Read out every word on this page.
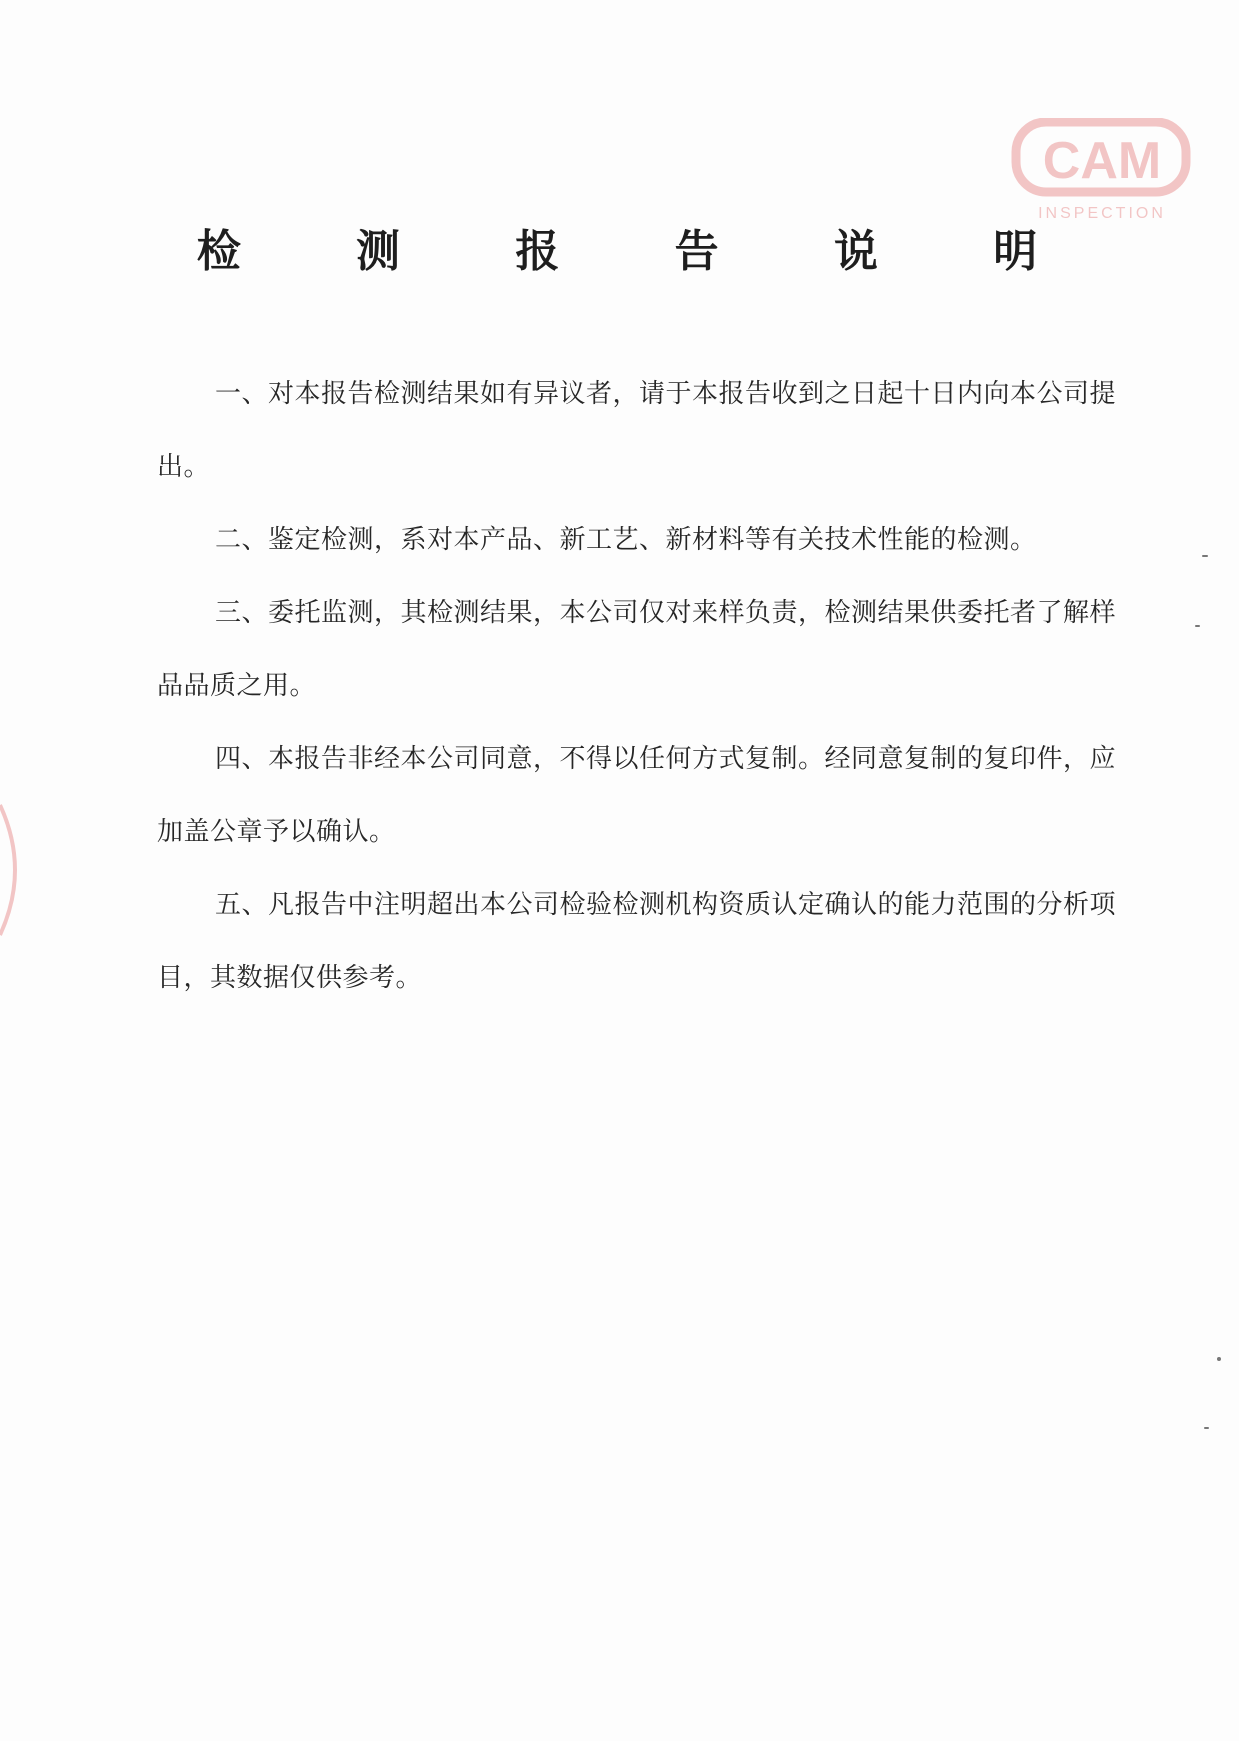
CAM
INSPECTION
检 测 报 告 说 明

一、对本报告检测结果如有异议者，请于本报告收到之日起十日内向本公司提出。

二、鉴定检测，系对本产品、新工艺、新材料等有关技术性能的检测。

三、委托监测，其检测结果，本公司仅对来样负责，检测结果供委托者了解样品品质之用。

四、本报告非经本公司同意，不得以任何方式复制。经同意复制的复印件，应加盖公章予以确认。

五、凡报告中注明超出本公司检验检测机构资质认定确认的能力范围的分析项目，其数据仅供参考。
